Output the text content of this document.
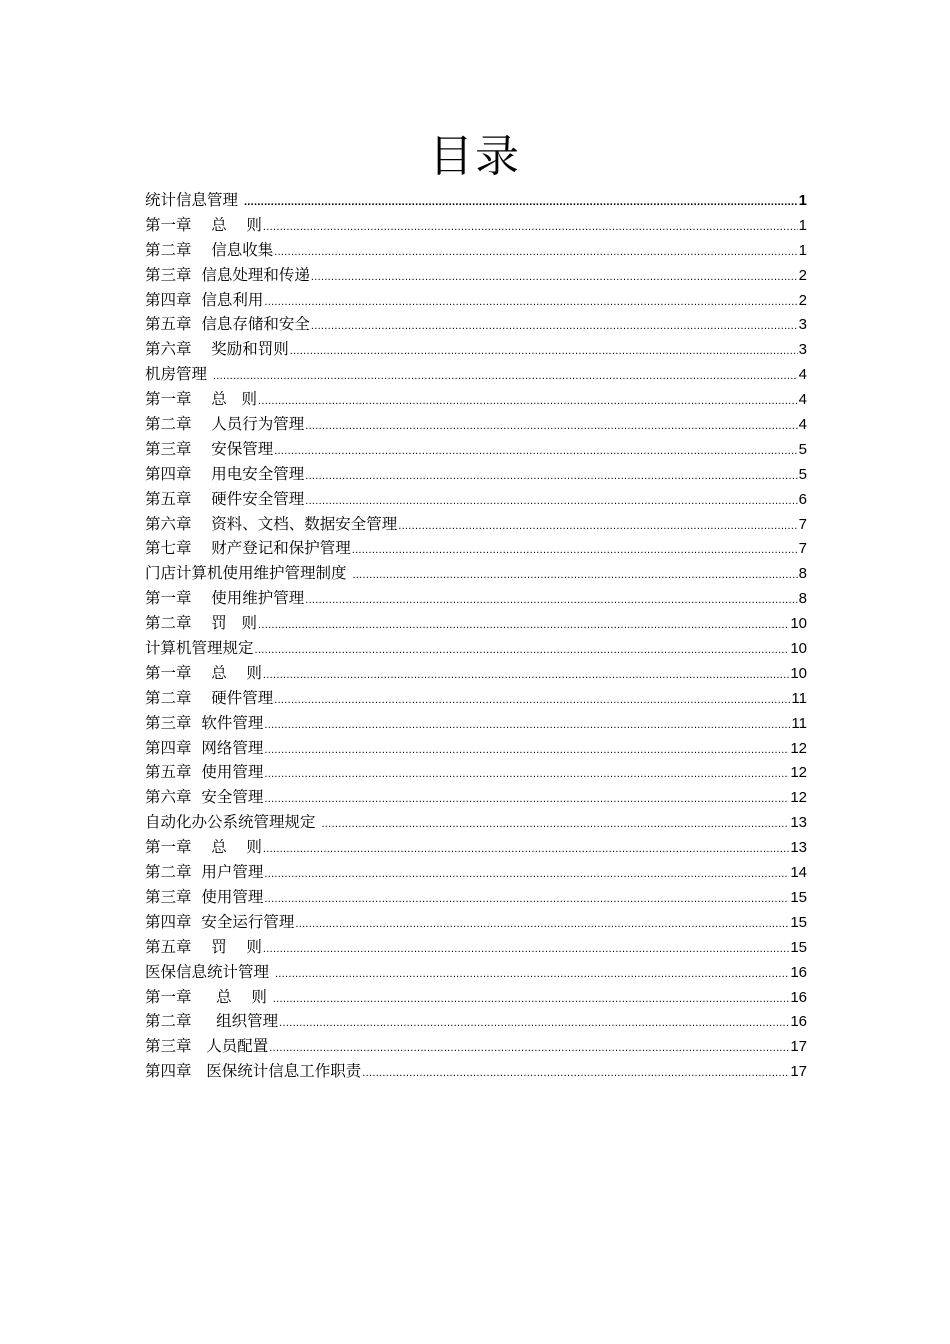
目录
统计信息管理 .....	1
第一章    总    则 .....	1
第二章    信息收集 .....	1
第三章  信息处理和传递 .....	2
第四章  信息利用 .....	2
第五章  信息存储和安全 .....	3
第六章    奖励和罚则 .....	3
机房管理 .....	4
第一章    总   则 .....	4
第二章    人员行为管理 .....	4
第三章    安保管理 .....	5
第四章    用电安全管理 .....	5
第五章    硬件安全管理 .....	6
第六章    资料、文档、数据安全管理 .....	7
第七章    财产登记和保护管理 .....	7
门店计算机使用维护管理制度 .....	8
第一章    使用维护管理 .....	8
第二章    罚   则 .....	10
计算机管理规定 .....	10
第一章    总    则 .....	10
第二章    硬件管理 .....	11
第三章  软件管理 .....	11
第四章  网络管理 .....	12
第五章  使用管理 .....	12
第六章  安全管理 .....	12
自动化办公系统管理规定 .....	13
第一章    总    则 .....	13
第二章  用户管理 .....	14
第三章  使用管理 .....	15
第四章  安全运行管理 .....	15
第五章    罚    则 .....	15
医保信息统计管理 .....	16
第一章     总    则 .....	16
第二章     组织管理 .....	16
第三章   人员配置 .....	17
第四章   医保统计信息工作职责 .....	17
